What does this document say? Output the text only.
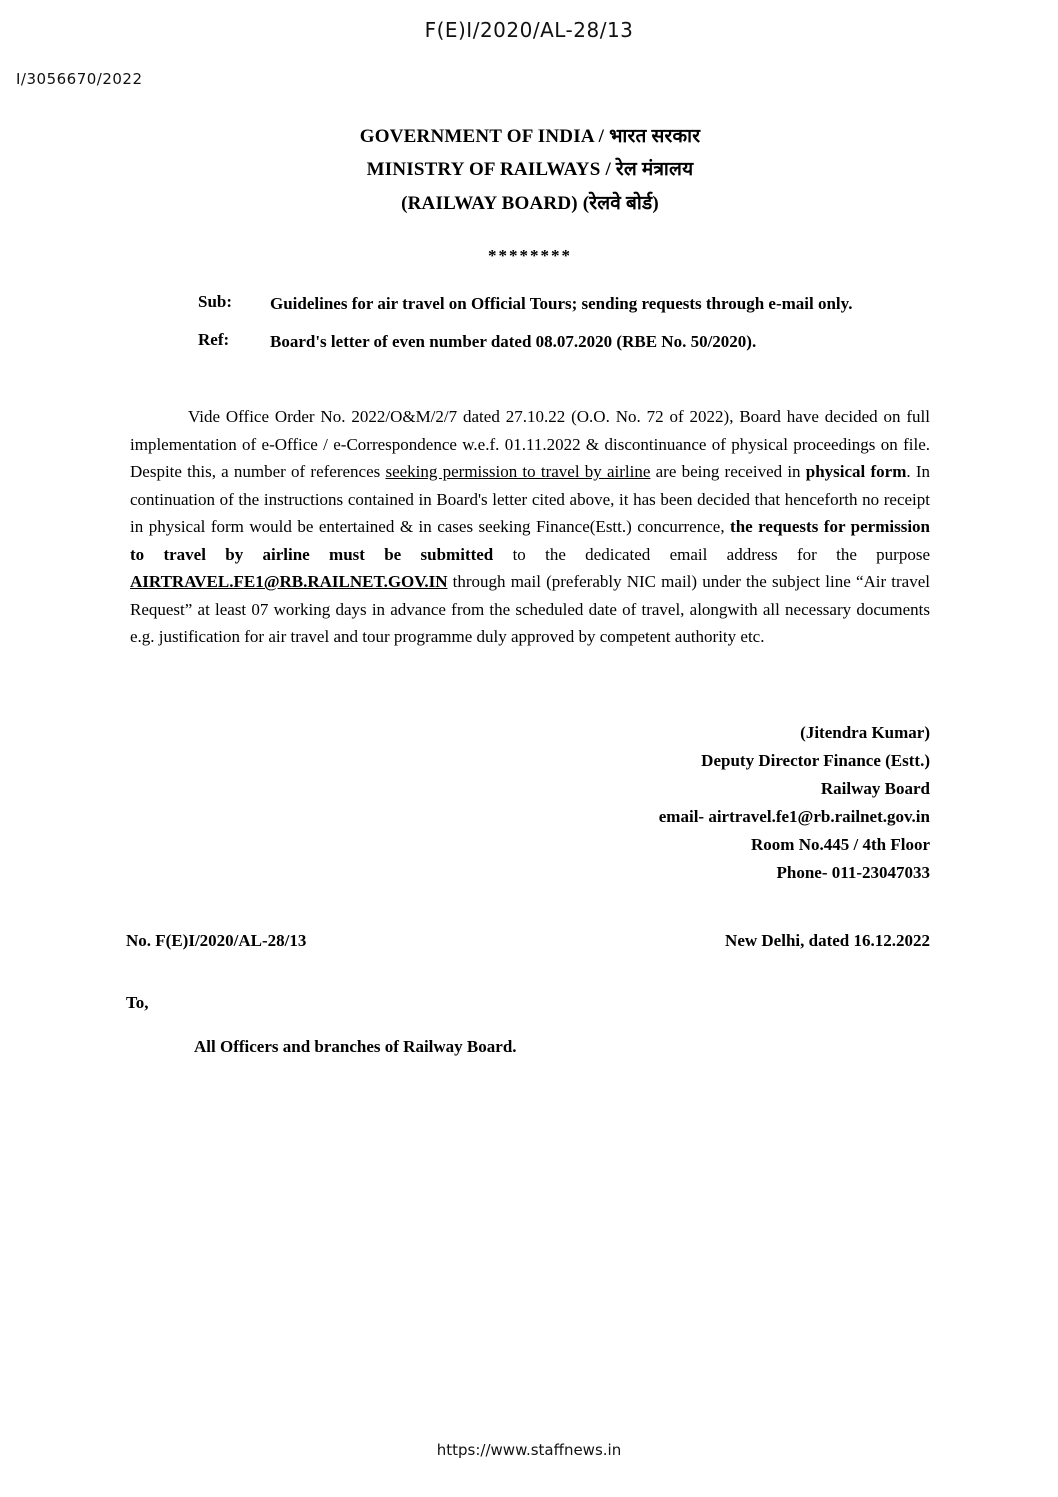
F(E)I/2020/AL-28/13
I/3056670/2022
GOVERNMENT OF INDIA / भारत सरकार
MINISTRY OF RAILWAYS / रेल मंत्रालय
(RAILWAY BOARD) (रेलवे बोर्ड)
********
Sub:	Guidelines for air travel on Official Tours; sending requests through e-mail only.
Ref:	Board's letter of even number dated 08.07.2020 (RBE No. 50/2020).
Vide Office Order No. 2022/O&M/2/7 dated 27.10.22 (O.O. No. 72 of 2022), Board have decided on full implementation of e-Office / e-Correspondence w.e.f. 01.11.2022 & discontinuance of physical proceedings on file. Despite this, a number of references seeking permission to travel by airline are being received in physical form. In continuation of the instructions contained in Board's letter cited above, it has been decided that henceforth no receipt in physical form would be entertained & in cases seeking Finance(Estt.) concurrence, the requests for permission to travel by airline must be submitted to the dedicated email address for the purpose AIRTRAVEL.FE1@RB.RAILNET.GOV.IN through mail (preferably NIC mail) under the subject line “Air travel Request” at least 07 working days in advance from the scheduled date of travel, alongwith all necessary documents e.g. justification for air travel and tour programme duly approved by competent authority etc.
(Jitendra Kumar)
Deputy Director Finance (Estt.)
Railway Board
email- airtravel.fe1@rb.railnet.gov.in
Room No.445 / 4th Floor
Phone- 011-23047033
No. F(E)I/2020/AL-28/13	New Delhi, dated 16.12.2022
To,
All Officers and branches of Railway Board.
https://www.staffnews.in
